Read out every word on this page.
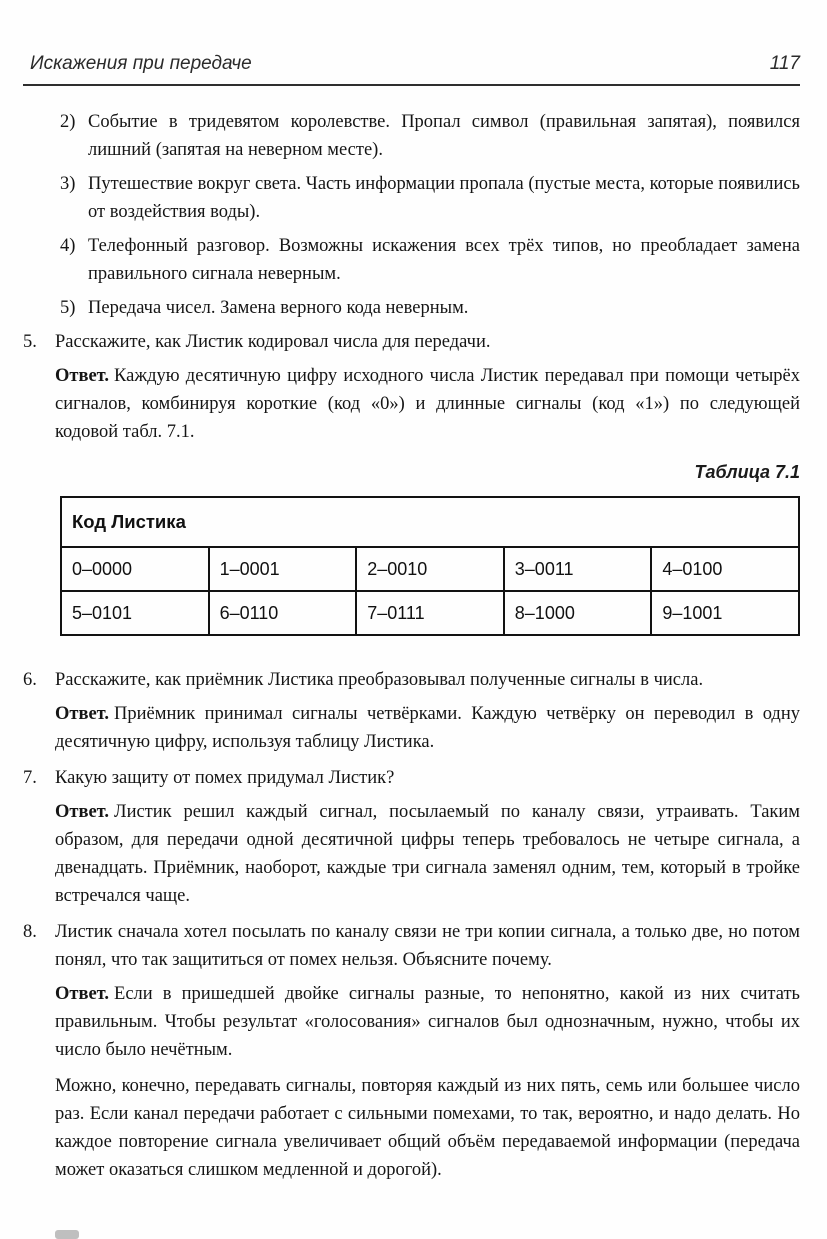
Искажения при передаче	117
2) Событие в тридевятом королевстве. Пропал символ (правильная запятая), появился лишний (запятая на неверном месте).
3) Путешествие вокруг света. Часть информации пропала (пустые места, которые появились от воздействия воды).
4) Телефонный разговор. Возможны искажения всех трёх типов, но преобладает замена правильного сигнала неверным.
5) Передача чисел. Замена верного кода неверным.
5. Расскажите, как Листик кодировал числа для передачи.

Ответ. Каждую десятичную цифру исходного числа Листик передавал при помощи четырёх сигналов, комбинируя короткие (код «0») и длинные сигналы (код «1») по следующей кодовой табл. 7.1.

Таблица 7.1
Код Листика				
0–0000	1–0001	2–0010	3–0011	4–0100
5–0101	6–0110	7–0111	8–1000	9–1001
6. Расскажите, как приёмник Листика преобразовывал полученные сигналы в числа.

Ответ. Приёмник принимал сигналы четвёрками. Каждую четвёрку он переводил в одну десятичную цифру, используя таблицу Листика.

7. Какую защиту от помех придумал Листик?

Ответ. Листик решил каждый сигнал, посылаемый по каналу связи, утраивать. Таким образом, для передачи одной десятичной цифры теперь требовалось не четыре сигнала, а двенадцать. Приёмник, наоборот, каждые три сигнала заменял одним, тем, который в тройке встречался чаще.

8. Листик сначала хотел посылать по каналу связи не три копии сигнала, а только две, но потом понял, что так защититься от помех нельзя. Объясните почему.

Ответ. Если в пришедшей двойке сигналы разные, то непонятно, какой из них считать правильным. Чтобы результат «голосования» сигналов был однозначным, нужно, чтобы их число было нечётным.

Можно, конечно, передавать сигналы, повторяя каждый из них пять, семь или большее число раз. Если канал передачи работает с сильными помехами, то так, вероятно, и надо делать. Но каждое повторение сигнала увеличивает общий объём передаваемой информации (передача может оказаться слишком медленной и дорогой).
